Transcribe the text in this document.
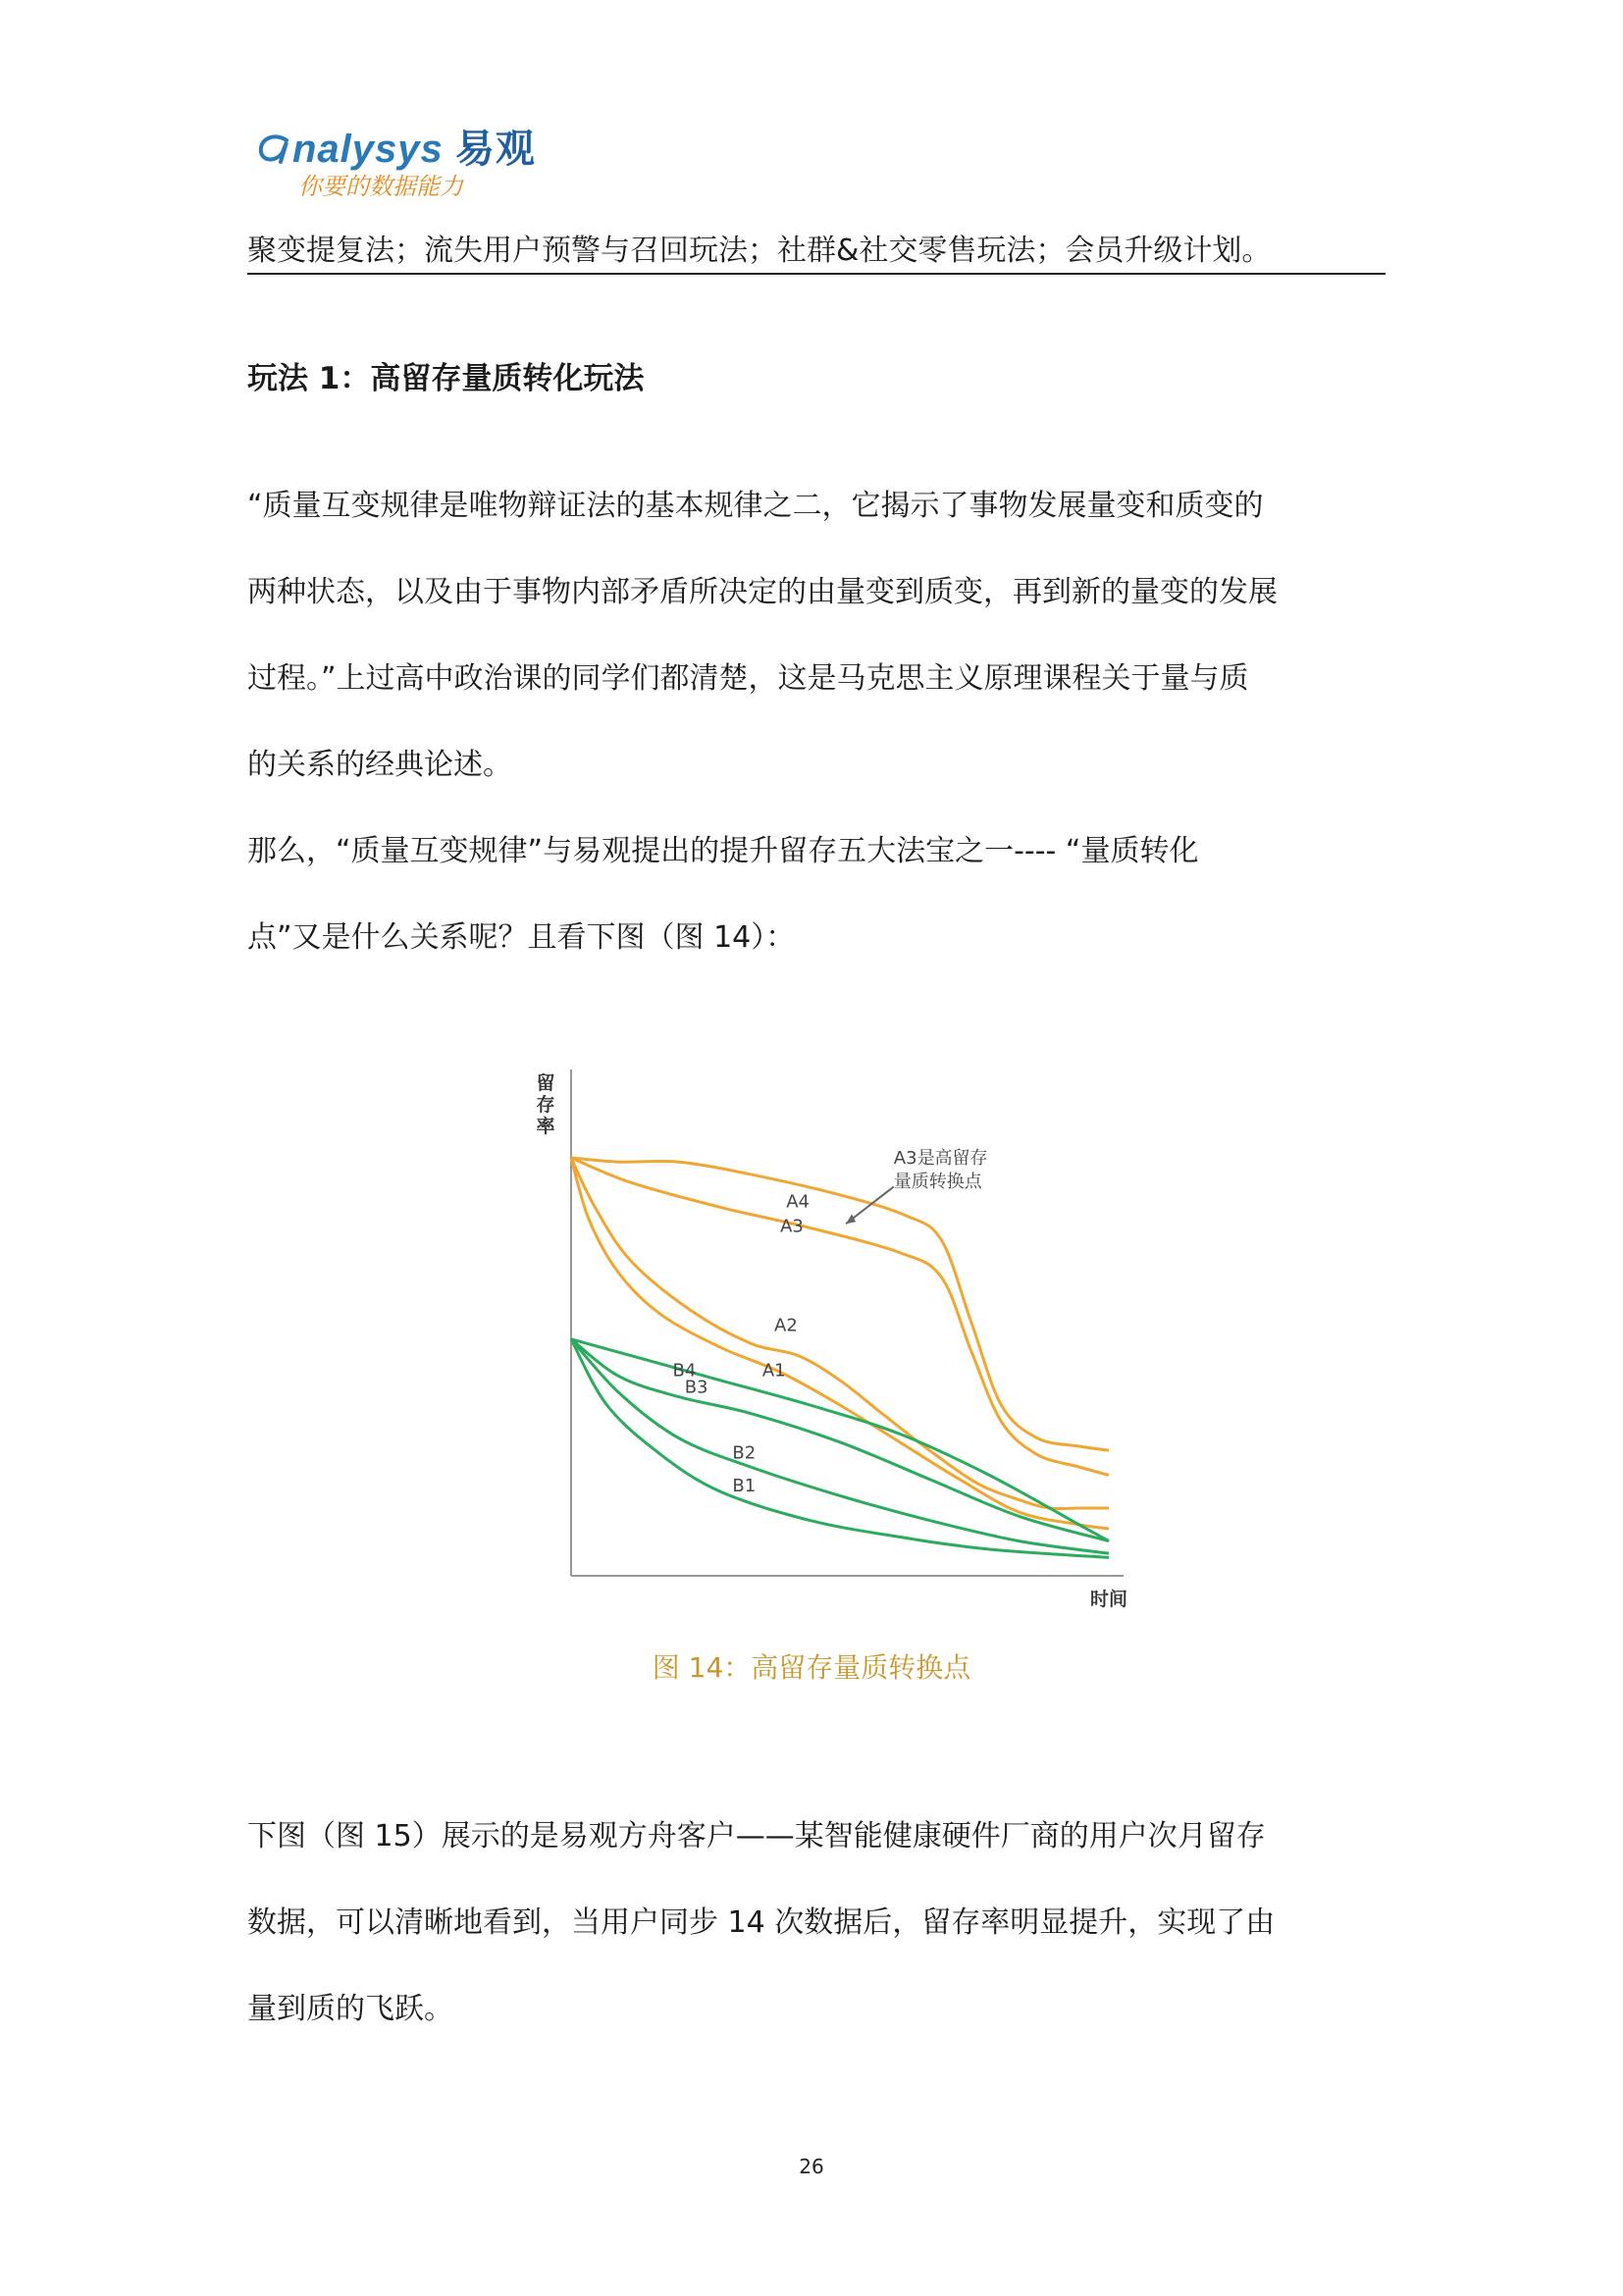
nalysys 易观
你要的数据能力
聚变提复法；流失用户预警与召回玩法；社群&社交零售玩法；会员升级计划。
玩法 1：高留存量质转化玩法
“质量互变规律是唯物辩证法的基本规律之二，它揭示了事物发展量变和质变的
两种状态，以及由于事物内部矛盾所决定的由量变到质变，再到新的量变的发展
过程。”上过高中政治课的同学们都清楚，这是马克思主义原理课程关于量与质
的关系的经典论述。
那么，“质量互变规律”与易观提出的提升留存五大法宝之一---- “量质转化
点”又是什么关系呢？且看下图（图 14）：
留
存
率
时间
A4
A3
A2
A1
B4
B3
B2
B1
A3是高留存
量质转换点
图 14：高留存量质转换点
下图（图 15）展示的是易观方舟客户——某智能健康硬件厂商的用户次月留存
数据，可以清晰地看到，当用户同步 14 次数据后，留存率明显提升，实现了由
量到质的飞跃。
26
